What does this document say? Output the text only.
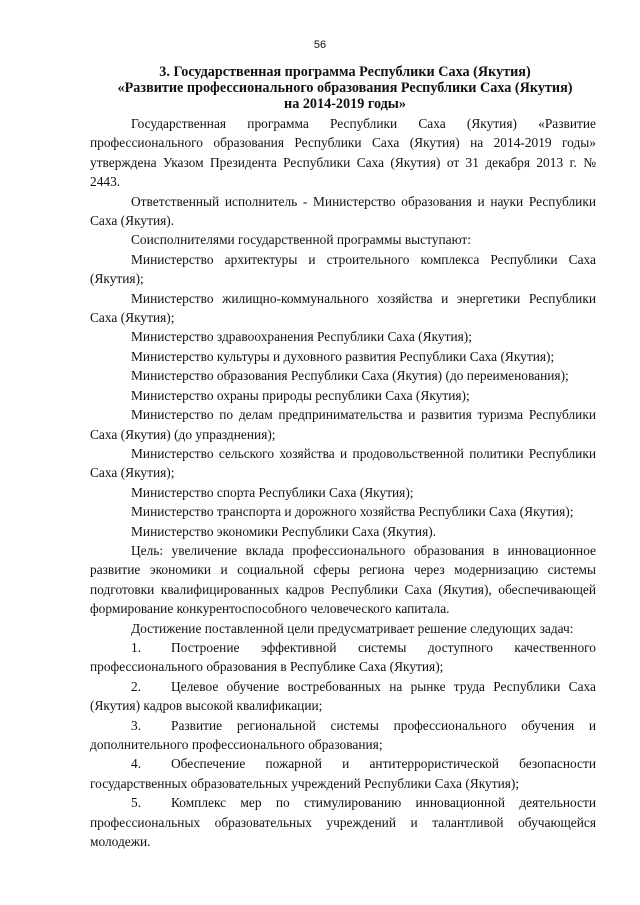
56
3. Государственная программа Республики Саха (Якутия)
«Развитие профессионального образования Республики Саха (Якутия)
на 2014-2019 годы»

Государственная программа Республики Саха (Якутия) «Развитие профессионального образования Республики Саха (Якутия) на 2014-2019 годы» утверждена Указом Президента Республики Саха (Якутия) от 31 декабря 2013 г. № 2443.

Ответственный исполнитель - Министерство образования и науки Республики Саха (Якутия).

Соисполнителями государственной программы выступают:

Министерство архитектуры и строительного комплекса Республики Саха (Якутия);

Министерство жилищно-коммунального хозяйства и энергетики Республики Саха (Якутия);

Министерство здравоохранения Республики Саха (Якутия);

Министерство культуры и духовного развития Республики Саха (Якутия);

Министерство образования Республики Саха (Якутия) (до переименования);

Министерство охраны природы республики Саха (Якутия);

Министерство по делам предпринимательства и развития туризма Республики Саха (Якутия) (до упразднения);

Министерство сельского хозяйства и продовольственной политики Республики Саха (Якутия);

Министерство спорта Республики Саха (Якутия);

Министерство транспорта и дорожного хозяйства Республики Саха (Якутия);

Министерство экономики Республики Саха (Якутия).

Цель: увеличение вклада профессионального образования в инновационное развитие экономики и социальной сферы региона через модернизацию системы подготовки квалифицированных кадров Республики Саха (Якутия), обеспечивающей формирование конкурентоспособного человеческого капитала.

Достижение поставленной цели предусматривает решение следующих задач:

1. Построение эффективной системы доступного качественного профессионального образования в Республике Саха (Якутия);

2. Целевое обучение востребованных на рынке труда Республики Саха (Якутия) кадров высокой квалификации;

3. Развитие региональной системы профессионального обучения и дополнительного профессионального образования;

4. Обеспечение пожарной и антитеррористической безопасности государственных образовательных учреждений Республики Саха (Якутия);

5. Комплекс мер по стимулированию инновационной деятельности профессиональных образовательных учреждений и талантливой обучающейся молодежи.
